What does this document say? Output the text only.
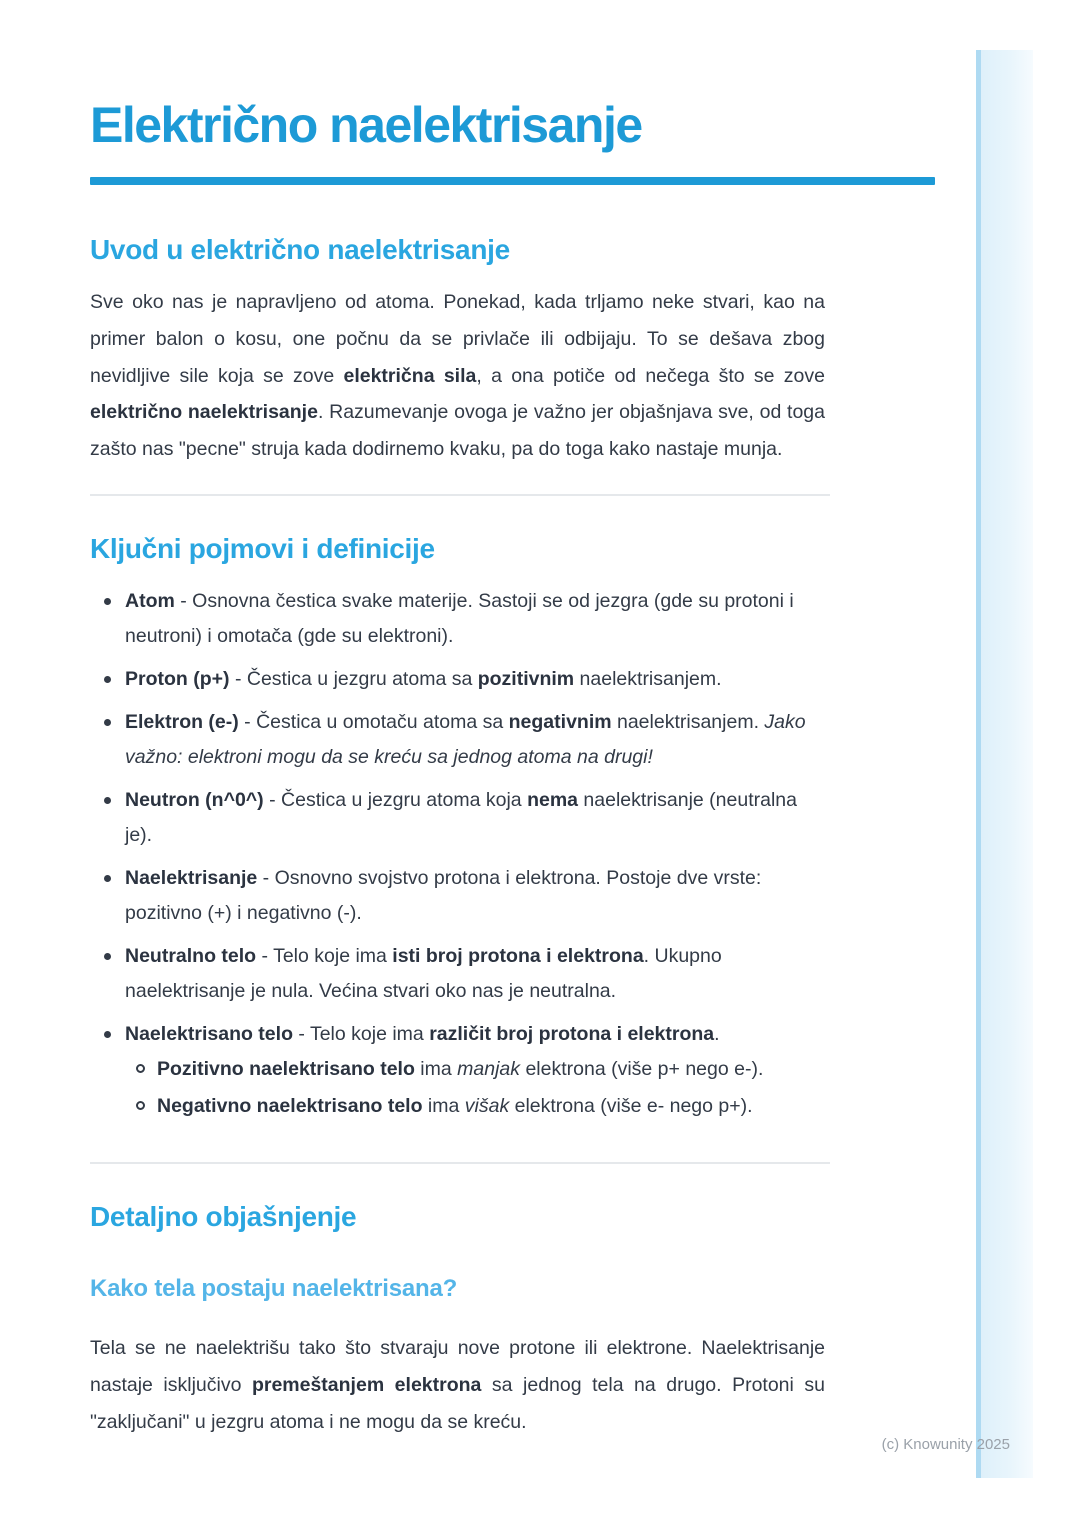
Električno naelektrisanje
Uvod u električno naelektrisanje

Sve oko nas je napravljeno od atoma. Ponekad, kada trljamo neke stvari, kao na primer balon o kosu, one počnu da se privlače ili odbijaju. To se dešava zbog nevidljive sile koja se zove električna sila, a ona potiče od nečega što se zove električno naelektrisanje. Razumevanje ovoga je važno jer objašnjava sve, od toga zašto nas "pecne" struja kada dodirnemo kvaku, pa do toga kako nastaje munja.

Ključni pojmovi i definicije
Atom - Osnovna čestica svake materije. Sastoji se od jezgra (gde su protoni i neutroni) i omotača (gde su elektroni).
Proton (p+) - Čestica u jezgru atoma sa pozitivnim naelektrisanjem.
Elektron (e-) - Čestica u omotaču atoma sa negativnim naelektrisanjem. Jako važno: elektroni mogu da se kreću sa jednog atoma na drugi!
Neutron (n^0^) - Čestica u jezgru atoma koja nema naelektrisanje (neutralna je).
Naelektrisanje - Osnovno svojstvo protona i elektrona. Postoje dve vrste: pozitivno (+) i negativno (-).
Neutralno telo - Telo koje ima isti broj protona i elektrona. Ukupno naelektrisanje je nula. Većina stvari oko nas je neutralna.
Naelektrisano telo - Telo koje ima različit broj protona i elektrona.
Pozitivno naelektrisano telo ima manjak elektrona (više p+ nego e-).
Negativno naelektrisano telo ima višak elektrona (više e- nego p+).
Detaljno objašnjenje
Kako tela postaju naelektrisana?

Tela se ne naelektrišu tako što stvaraju nove protone ili elektrone. Naelektrisanje nastaje isključivo premeštanjem elektrona sa jednog tela na drugo. Protoni su "zaključani" u jezgru atoma i ne mogu da se kreću.

(c) Knowunity 2025
